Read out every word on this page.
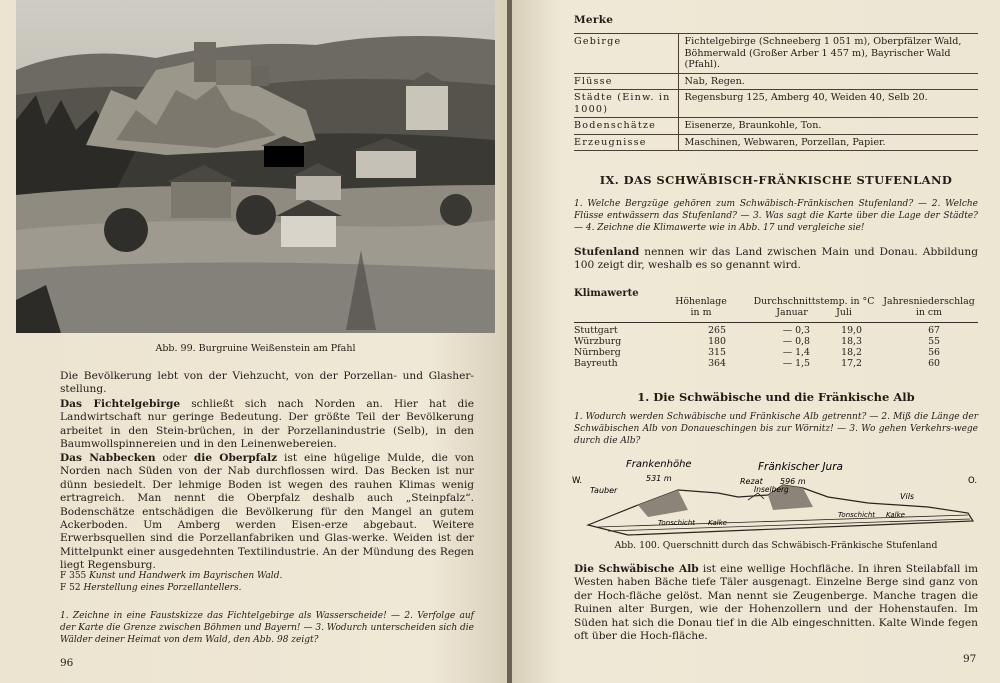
Abb. 99. Burgruine Weißenstein am Pfahl
Die Bevölkerung lebt von der Viehzucht, von der Porzellan- und Glasher-stellung.
Das Fichtelgebirge schließt sich nach Norden an. Hier hat die Landwirtschaft nur geringe Bedeutung. Der größte Teil der Bevölkerung arbeitet in den Stein-brüchen, in der Porzellanindustrie (Selb), in den Baumwollspinnereien und in den Leinenwebereien.
Das Nabbecken oder die Oberpfalz ist eine hügelige Mulde, die von Norden nach Süden von der Nab durchflossen wird. Das Becken ist nur dünn besiedelt. Der lehmige Boden ist wegen des rauhen Klimas wenig ertragreich. Man nennt die Oberpfalz deshalb auch „Steinpfalz“. Bodenschätze entschädigen die Bevölkerung für den Mangel an gutem Ackerboden. Um Amberg werden Eisen-erze abgebaut. Weitere Erwerbsquellen sind die Porzellanfabriken und Glas-werke. Weiden ist der Mittelpunkt einer ausgedehnten Textilindustrie. An der Mündung des Regen liegt Regensburg.
F 355 Kunst und Handwerk im Bayrischen Wald.
F 52 Herstellung eines Porzellantellers.
1. Zeichne in eine Faustskizze das Fichtelgebirge als Wasserscheide! — 2. Verfolge auf der Karte die Grenze zwischen Böhmen und Bayern! — 3. Wodurch unterscheiden sich die Wälder deiner Heimat von dem Wald, den Abb. 98 zeigt?
96
Merke
Gebirge	Fichtelgebirge (Schneeberg 1 051 m), Oberpfälzer Wald, Böhmerwald (Großer Arber 1 457 m), Bayrischer Wald (Pfahl).
Flüsse	Nab, Regen.
Städte (Einw. in 1000)	Regensburg 125, Amberg 40, Weiden 40, Selb 20.
Bodenschätze	Eisenerze, Braunkohle, Ton.
Erzeugnisse	Maschinen, Webwaren, Porzellan, Papier.
IX. DAS SCHWÄBISCH-FRÄNKISCHE STUFENLAND
1. Welche Bergzüge gehören zum Schwäbisch-Fränkischen Stufenland? — 2. Welche Flüsse entwässern das Stufenland? — 3. Was sagt die Karte über die Lage der Städte? — 4. Zeichne die Klimawerte wie in Abb. 17 und vergleiche sie!
Stufenland nennen wir das Land zwischen Main und Donau. Abbildung 100 zeigt dir, weshalb es so genannt wird.
Klimawerte
Höhenlage
in m
Durchschnittstemp. in °C
Januar	Juli
Jahresniederschlag
in cm
Stuttgart	265	— 0,3	19,0	67
Würzburg	180	— 0,8	18,3	55
Nürnberg	315	— 1,4	18,2	56
Bayreuth	364	— 1,5	17,2	60
1. Die Schwäbische und die Fränkische Alb
1. Wodurch werden Schwäbische und Fränkische Alb getrennt? — 2. Miß die Länge der Schwäbischen Alb von Donaueschingen bis zur Wörnitz! — 3. Wo gehen Verkehrs-wege durch die Alb?
Frankenhöhe
531 m
Fränkischer Jura
Rezat 596 m
Inselberg
Tauber
Vils
W.	O.
Tonschicht Kalke
Tonschicht Kalke
Abb. 100. Querschnitt durch das Schwäbisch-Fränkische Stufenland
Die Schwäbische Alb ist eine wellige Hochfläche. In ihren Steilabfall im Westen haben Bäche tiefe Täler ausgenagt. Einzelne Berge sind ganz von der Hoch-fläche gelöst. Man nennt sie Zeugenberge. Manche tragen die Ruinen alter Burgen, wie der Hohenzollern und der Hohenstaufen. Im Süden hat sich die Donau tief in die Alb eingeschnitten. Kalte Winde fegen oft über die Hoch-fläche.
97
